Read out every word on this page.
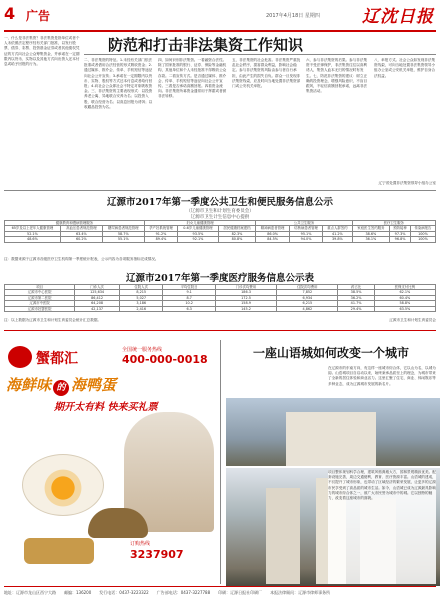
4 广告	2017年4月18日 星期四 辽沈日报
一、什么是非法集资？非法集资是指单位或者个人未依照法定程序经有关部门批准，以发行股票、债券、彩票、投资基金证券或者其他债权凭证的方式向社会公众筹集资金，并承诺在一定期限内以货币、实物以及其他方式向出资人还本付息或给予回报的行为。
防范和打击非法集资工作知识
二、非法集资的特征。1.未经有关部门依法批准或者借用合法经营的形式吸收资金；2.通过媒体、推介会、传单、手机短信等途径向社会公开宣传；3.承诺在一定期限内以货币、实物、股权等方式还本付息或者给付回报；4.向社会公众即社会不特定对象吸收资金。三、非法集资的主要表现形式：以投资养老公寓、异地联合安养为名；以投资入股、联合经营为名；以高息回报为诱饵；以收藏品投资为名。
四、如何识别非法集资。一看融资合法性。除了国家批准的银行、证券、保险等金融机构，其他单位和个人未经批准不得吸收公众存款。二看宣传方式。是否通过媒体、推介会、传单、手机短信等途径向社会公开宣传。三看是否承诺高额回报。四看资金流向。非法集资所募资金通常用于挥霍或者被非法转移。
五、非法集资的社会危害。非法集资严重扰乱社会秩序，损害群众利益，影响社会稳定。参与非法集资的风险由参与者自行承担，由此产生的损失自负。群众一旦发现非法集资线索，应及时向当地处置非法集资部门或公安机关举报。
六、参与非法集资的后果。参与非法集资不受法律保护，非法集资往往以高利诱人，集资人血本无归的情况时有发生。七、防范非法集资的建议：树立正确的投资理念，增强风险意识，不盲目跟风，不轻信高额回报承诺，远离非法集资活动。
八、举报方式。社会公众如发现非法集资线索，可向当地处置非法集资领导小组办公室或公安机关举报，维护自身合法权益。
辽宁省处置非法集资领导小组办公室
辽源市2017年第一季度公共卫生和便民服务信息公示
（辽源市卫生和计划生育委员会）
辽源市卫生计生信息中心提供
健康教育和慢病管理服务			妇女儿童健康管理			公共卫生服务			医疗卫生服务		
65岁及以上老年人健康管理	高血压患者规范管理	糖尿病患者规范管理	孕产妇系统管理	0-6岁儿童健康管理	居民健康档案建档	精神病患者管理	结核病患者管理	重点人群签约	家庭医生签约服务	预防接种	传染病报告
52.1%	63.4%	58.7%	91.2%	93.5%	82.3%	86.0%	95.1%	41.2%	38.6%	97.3%	100%
48.6%	60.2%	55.1%	89.4%	92.1%	80.8%	84.5%	94.0%	39.8%	36.1%	96.8%	100%
注：数据来源于辽源市各级医疗卫生机构第一季度统计报表，公示内容为各项服务指标完成情况。
辽源市2017年第一季度医疗服务信息公示表
项目	门诊人次	住院人次	平均住院日	门诊次均费用	住院次均费用	药占比	医保支付比例
辽源市中心医院	125,634	8,215	9.1	186.3	7,852	38.5%	62.1%
辽源市第二医院	86,412	5,027	8.7	172.5	6,934	36.2%	60.4%
辽源市中医院	64,208	3,186	10.2	158.9	6,215	41.7%	58.8%
辽源市妇婴医院	42,137	2,416	6.3	145.2	4,862	29.4%	63.5%
注：以上数据为辽源市卫生和计划生育委员会统计汇总数据。	辽源市卫生和计划生育委员会
蟹都汇
全国统一服务热线
400-000-0018
海鲜味 的 海鸭蛋
期开太有料 快来买礼票
订购热线
3237907
一座山语城如何改变一个城市
在辽源市的东南方向，有这样一座城市综合体，它以山为名，以城为韵。山语城项目自启动以来，始终秉承品质至上的理念，为城市带来了全新的居住体验和商业活力。这里汇聚了住宅、商业、休闲娱乐等多种业态，成为辽源城市发展的新名片。
项目整体规划科学合理，建筑风格典雅大方，园林景观精致优美。配套设施完善，周边交通便利，教育、医疗资源丰富。山语城的建成，不仅提升了城市形象，也带动了区域经济的繁荣发展，让更多的辽源市民享受到了高品质的城市生活。如今，山语城已成为辽源最具影响力的城市综合体之一，被广大市民誉为城市中的城。它以独特的魅力，改变着这座城市的面貌。
地址：辽源市龙山区西宁大路　　邮编：136200　　发行电话：0437-3223322　　广告部电话：0437-3227788　　印刷：辽源日报社印刷厂　　本报法律顾问：辽源市律师事务所
